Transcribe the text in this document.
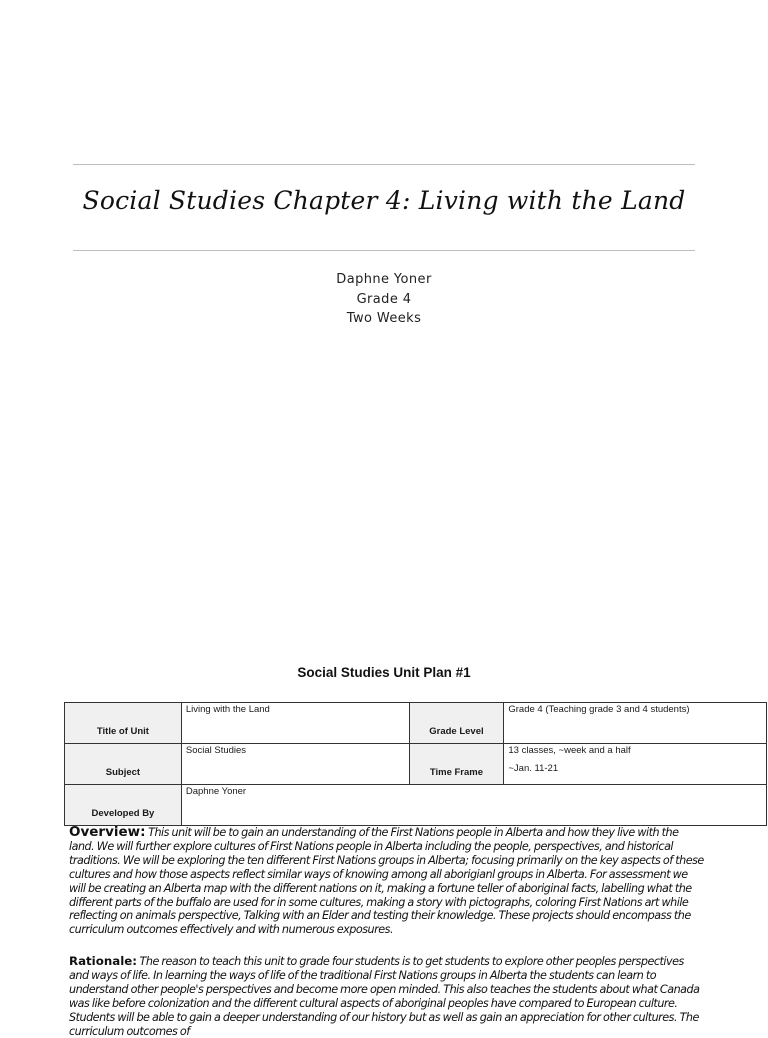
Social Studies Chapter 4: Living with the Land
Daphne Yoner
Grade 4
Two Weeks
Social Studies Unit Plan #1
Title of Unit	Living with the Land	Grade Level	Grade 4 (Teaching grade 3 and 4 students)

Subject	Social Studies	Time Frame	13 classes, ~week and a half
~Jan. 11-21

Developed By	Daphne Yoner		
Overview: This unit will be to gain an understanding of the First Nations people in Alberta and how they live with the land. We will further explore cultures of First Nations people in Alberta including the people, perspectives, and historical traditions. We will be exploring the ten different First Nations groups in Alberta; focusing primarily on the key aspects of these cultures and how those aspects reflect similar ways of knowing among all aborigianl groups in Alberta. For assessment we will be creating an Alberta map with the different nations on it, making a fortune teller of aboriginal facts, labelling what the different parts of the buffalo are used for in some cultures, making a story with pictographs, coloring First Nations art while reflecting on animals perspective, Talking with an Elder and testing their knowledge. These projects should encompass the curriculum outcomes effectively and with numerous exposures.
Rationale: The reason to teach this unit to grade four students is to get students to explore other peoples perspectives and ways of life. In learning the ways of life of the traditional First Nations groups in Alberta the students can learn to understand other people's perspectives and become more open minded. This also teaches the students about what Canada was like before colonization and the different cultural aspects of aboriginal peoples have compared to European culture. Students will be able to gain a deeper understanding of our history but as well as gain an appreciation for other cultures. The curriculum outcomes of
